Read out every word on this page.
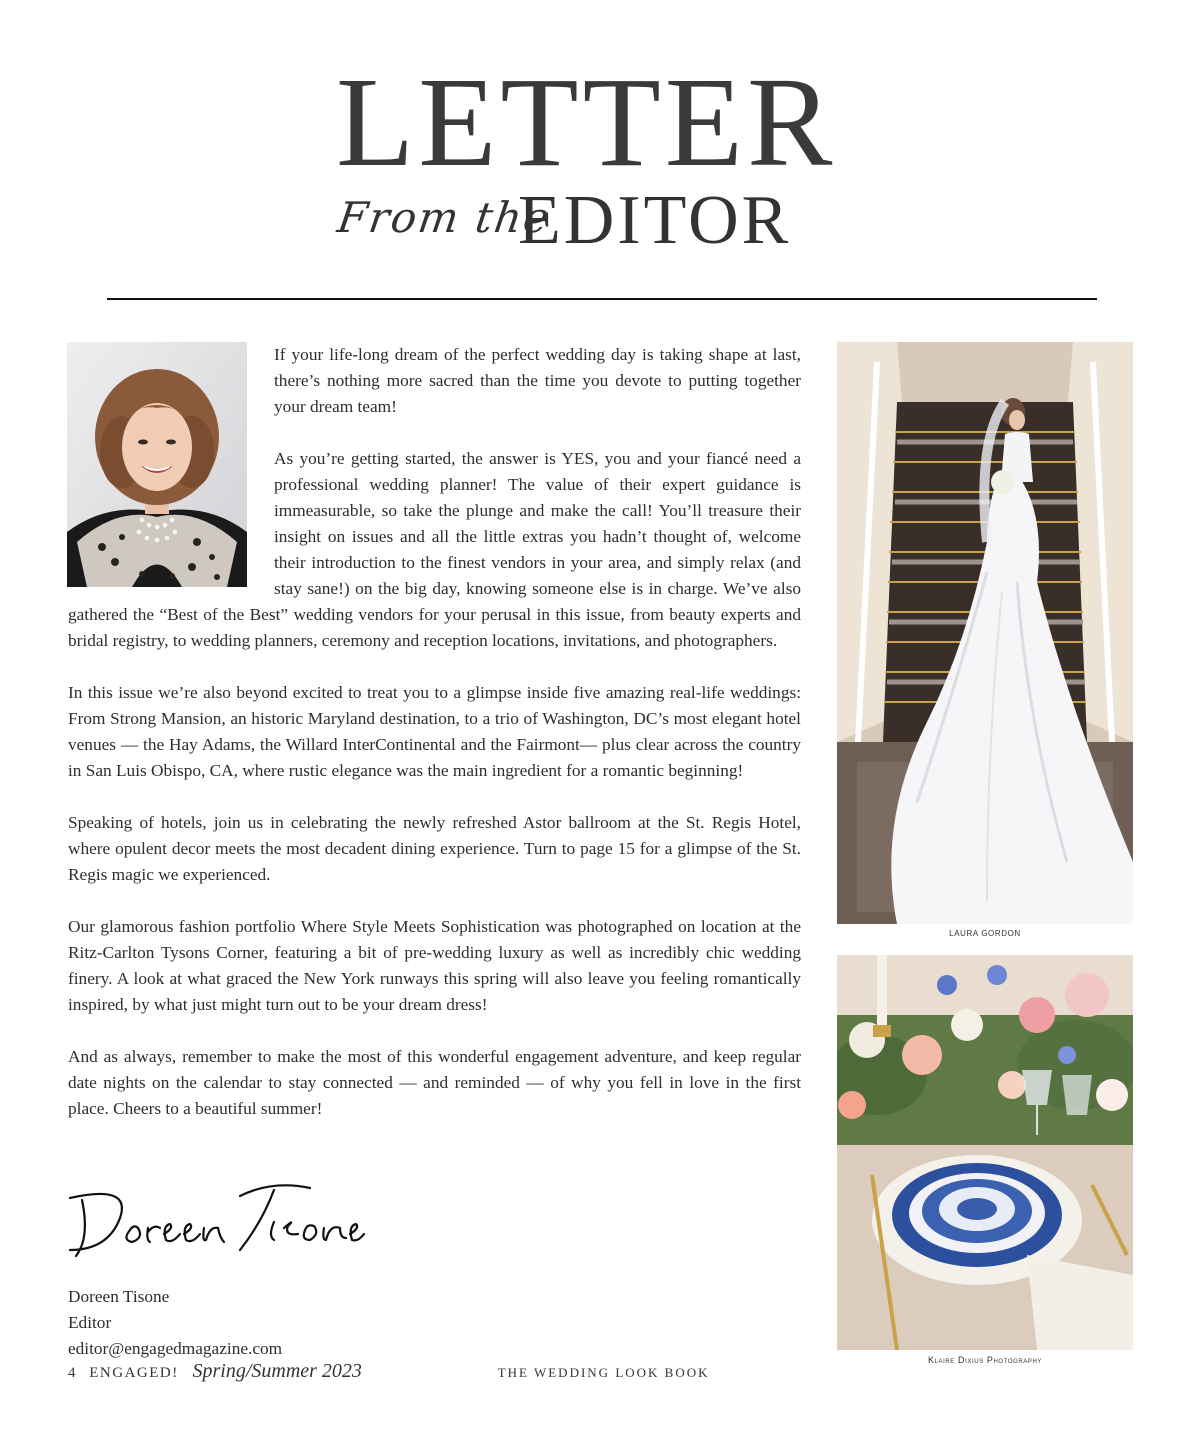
LETTER
From the
EDITOR

If your life-long dream of the perfect wedding day is taking shape at last, there’s nothing more sacred than the time you devote to putting together your dream team!

As you’re getting started, the answer is YES, you and your fiancé need a professional wedding planner! The value of their expert guidance is immeasurable, so take the plunge and make the call! You’ll treasure their insight on issues and all the little extras you hadn’t thought of, welcome their introduction to the finest vendors in your area, and simply relax (and stay sane!) on the big day, knowing someone else is in charge. We’ve also gathered the “Best of the Best” wedding vendors for your perusal in this issue, from beauty experts and bridal registry, to wedding planners, ceremony and reception locations, invitations, and photographers.

In this issue we’re also beyond excited to treat you to a glimpse inside five amazing real-life weddings: From Strong Mansion, an historic Maryland destination, to a trio of Washington, DC’s most elegant hotel venues — the Hay Adams, the Willard InterContinental and the Fairmont— plus clear across the country in San Luis Obispo, CA, where rustic elegance was the main ingredient for a romantic beginning!

Speaking of hotels, join us in celebrating the newly refreshed Astor ballroom at the St. Regis Hotel, where opulent decor meets the most decadent dining experience. Turn to page 15 for a glimpse of the St. Regis magic we experienced.

Our glamorous fashion portfolio Where Style Meets Sophistication was photographed on location at the Ritz-Carlton Tysons Corner, featuring a bit of pre-wedding luxury as well as incredibly chic wedding finery. A look at what graced the New York runways this spring will also leave you feeling romantically inspired, by what just might turn out to be your dream dress!

And as always, remember to make the most of this wonderful engagement adventure, and keep regular date nights on the calendar to stay connected — and reminded — of why you fell in love in the first place. Cheers to a beautiful summer!

Doreen Tisone
Editor
editor@engagedmagazine.com
LAURA GORDON
Klaire Dixius Photography
4 ENGAGED! Spring/Summer 2023	THE WEDDING LOOK BOOK
